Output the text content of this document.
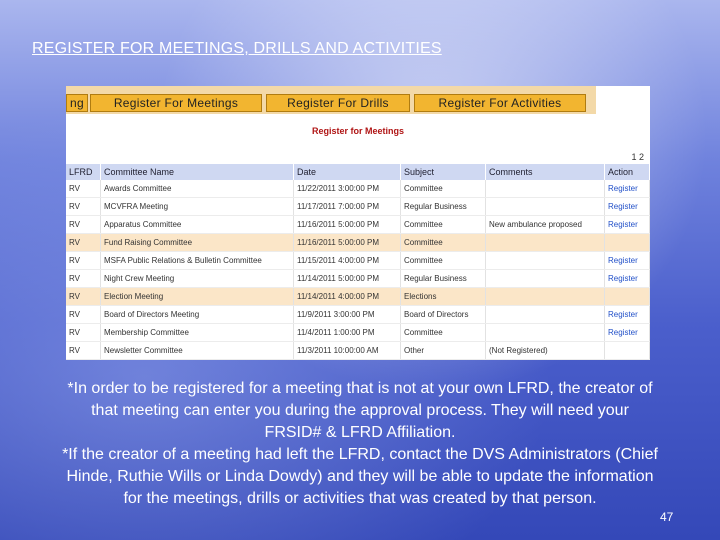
REGISTER FOR MEETINGS, DRILLS AND ACTIVITIES
ng	Register For Meetings	Register For Drills	Register For Activities
Register for Meetings
1 2
LFRD	Committee Name	Date	Subject	Comments	Action
RV	Awards Committee	11/22/2011 3:00:00 PM	Committee		Register
RV	MCVFRA Meeting	11/17/2011 7:00:00 PM	Regular Business		Register
RV	Apparatus Committee	11/16/2011 5:00:00 PM	Committee	New ambulance proposed	Register
RV	Fund Raising Committee	11/16/2011 5:00:00 PM	Committee		
RV	MSFA Public Relations & Bulletin Committee	11/15/2011 4:00:00 PM	Committee		Register
RV	Night Crew Meeting	11/14/2011 5:00:00 PM	Regular Business		Register
RV	Election Meeting	11/14/2011 4:00:00 PM	Elections		
RV	Board of Directors Meeting	11/9/2011 3:00:00 PM	Board of Directors		Register
RV	Membership Committee	11/4/2011 1:00:00 PM	Committee		Register
RV	Newsletter Committee	11/3/2011 10:00:00 AM	Other	(Not Registered)	
*In order to be registered for a meeting that is not at your own LFRD, the creator of
that meeting can enter you during the approval process. They will need your
FRSID# & LFRD Affiliation.
*If the creator of a meeting had left the LFRD, contact the DVS Administrators (Chief
Hinde, Ruthie Wills or Linda Dowdy) and they will be able to update the information
for the meetings, drills or activities that was created by that person.
47
